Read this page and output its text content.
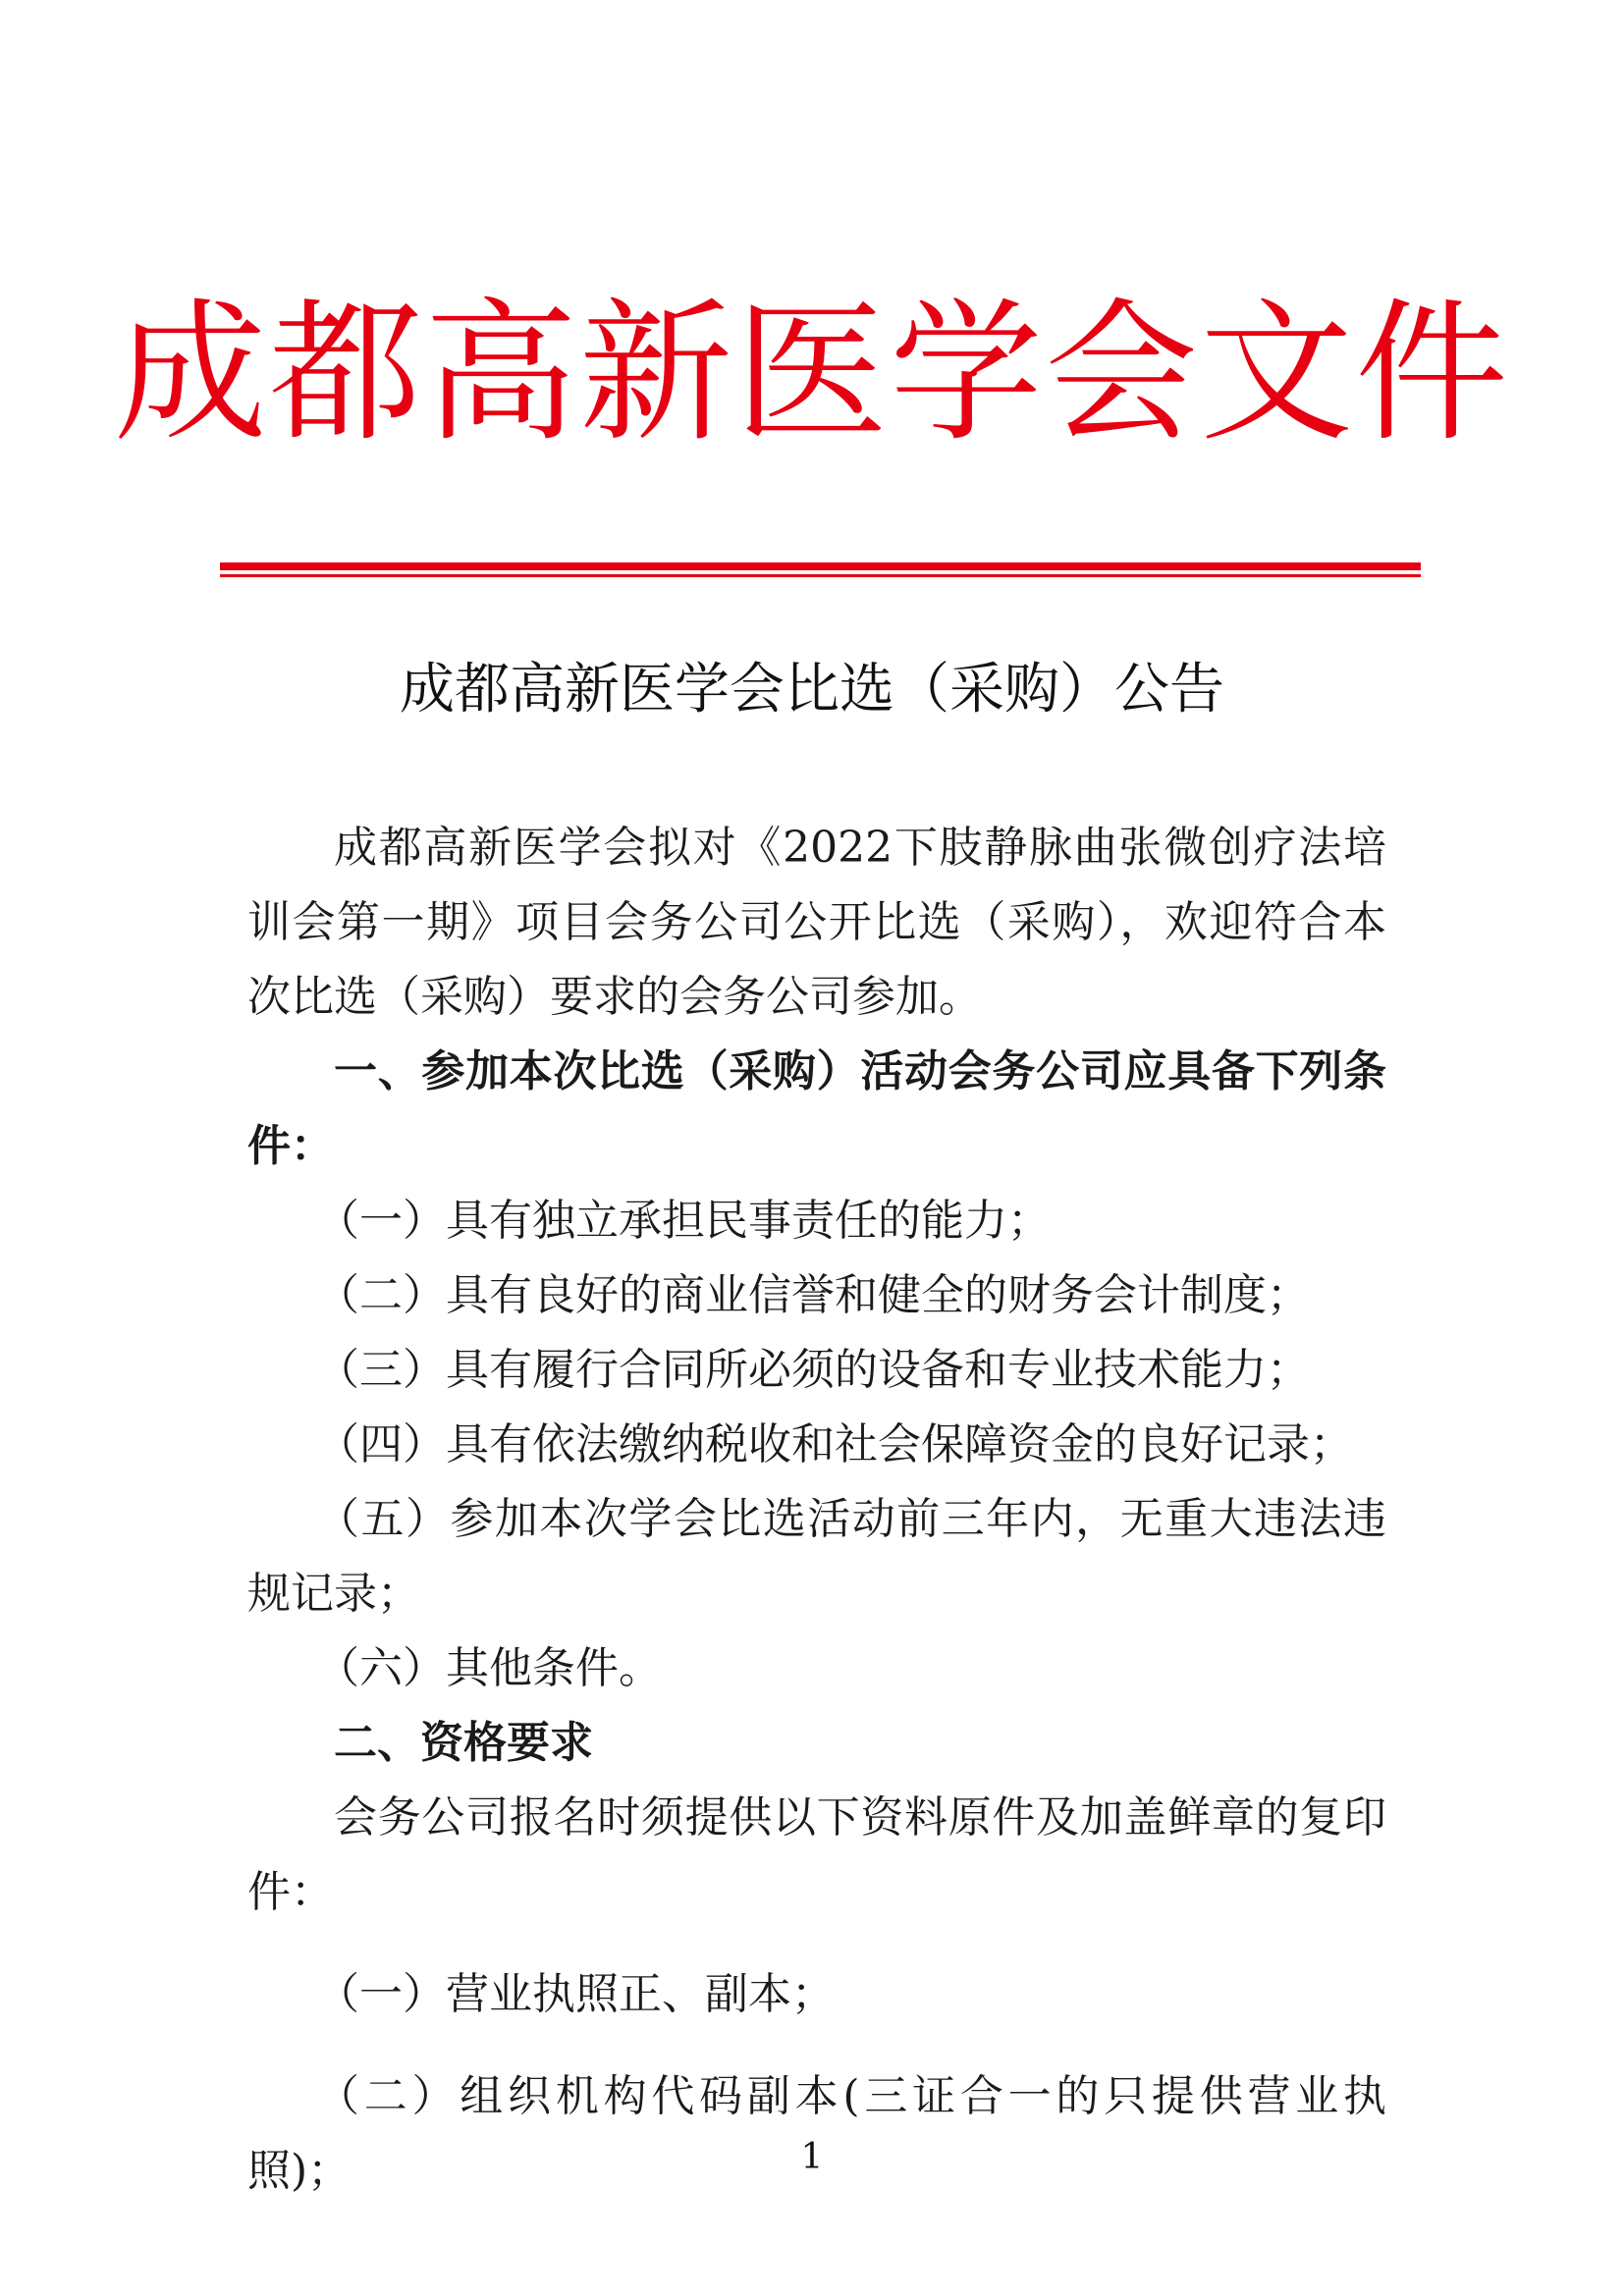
成都高新医学会文件
成都高新医学会比选（采购）公告

成都高新医学会拟对《2022下肢静脉曲张微创疗法培训会第一期》项目会务公司公开比选（采购），欢迎符合本次比选（采购）要求的会务公司参加。

一、参加本次比选（采购）活动会务公司应具备下列条件：

（一）具有独立承担民事责任的能力；

（二）具有良好的商业信誉和健全的财务会计制度；

（三）具有履行合同所必须的设备和专业技术能力；

（四）具有依法缴纳税收和社会保障资金的良好记录；

（五）参加本次学会比选活动前三年内，无重大违法违规记录；

（六）其他条件。

二、资格要求

会务公司报名时须提供以下资料原件及加盖鲜章的复印件：

（一）营业执照正、副本；

（二）组织机构代码副本(三证合一的只提供营业执照)；	1
